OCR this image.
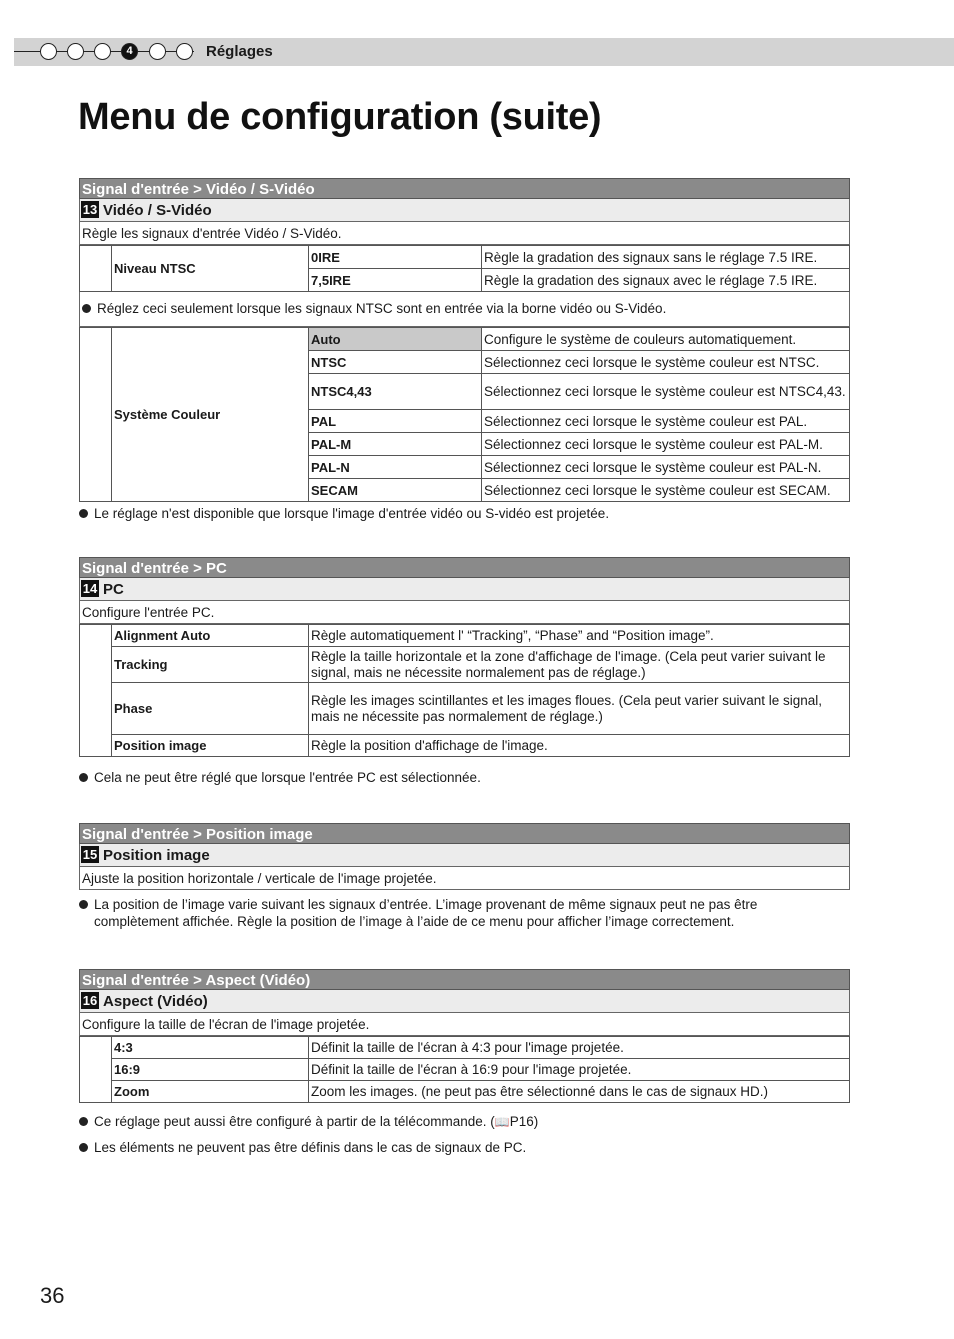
4	Réglages
Menu de configuration (suite)
Signal d'entrée > Vidéo / S-Vidéo
13 Vidéo / S-Vidéo
Règle les signaux d'entrée Vidéo / S-Vidéo.
	Niveau NTSC	0IRE	Règle la gradation des signaux sans le réglage 7.5 IRE.
		7,5IRE	Règle la gradation des signaux avec le réglage 7.5 IRE.
Réglez ceci seulement lorsque les signaux NTSC sont en entrée via la borne vidéo ou S-Vidéo.
	Système Couleur	Auto	Configure le système de couleurs automatiquement.
		NTSC	Sélectionnez ceci lorsque le système couleur est NTSC.
		NTSC4,43	Sélectionnez ceci lorsque le système couleur est NTSC4,43.
		PAL	Sélectionnez ceci lorsque le système couleur est PAL.
		PAL-M	Sélectionnez ceci lorsque le système couleur est PAL-M.
		PAL-N	Sélectionnez ceci lorsque le système couleur est PAL-N.
		SECAM	Sélectionnez ceci lorsque le système couleur est SECAM.
Le réglage n'est disponible que lorsque l'image d'entrée vidéo ou S-vidéo est projetée.
Signal d'entrée > PC
14 PC
Configure l'entrée PC.
	Alignment Auto	Règle automatiquement l' “Tracking”, “Phase” and “Position image”.
	Tracking	Règle la taille horizontale et la zone d'affichage de l'image. (Cela peut varier suivant le signal, mais ne nécessite normalement pas de réglage.)
	Phase	Règle les images scintillantes et les images floues. (Cela peut varier suivant le signal, mais ne nécessite pas normalement de réglage.)
	Position image	Règle la position d'affichage de l'image.
Cela ne peut être réglé que lorsque l'entrée PC est sélectionnée.
Signal d'entrée > Position image
15 Position image
Ajuste la position horizontale / verticale de l'image projetée.
La position de l’image varie suivant les signaux d’entrée. L’image provenant de même signaux peut ne pas être
complètement affichée. Règle la position de l’image à l’aide de ce menu pour afficher l’image correctement.
Signal d'entrée > Aspect (Vidéo)
16 Aspect (Vidéo)
Configure la taille de l'écran de l'image projetée.
	4:3	Définit la taille de l'écran à 4:3 pour l'image projetée.
	16:9	Définit la taille de l'écran à 16:9 pour l'image projetée.
	Zoom	Zoom les images. (ne peut pas être sélectionné dans le cas de signaux HD.)
Ce réglage peut aussi être configuré à partir de la télécommande. (📖P16)
Les éléments ne peuvent pas être définis dans le cas de signaux de PC.
36
